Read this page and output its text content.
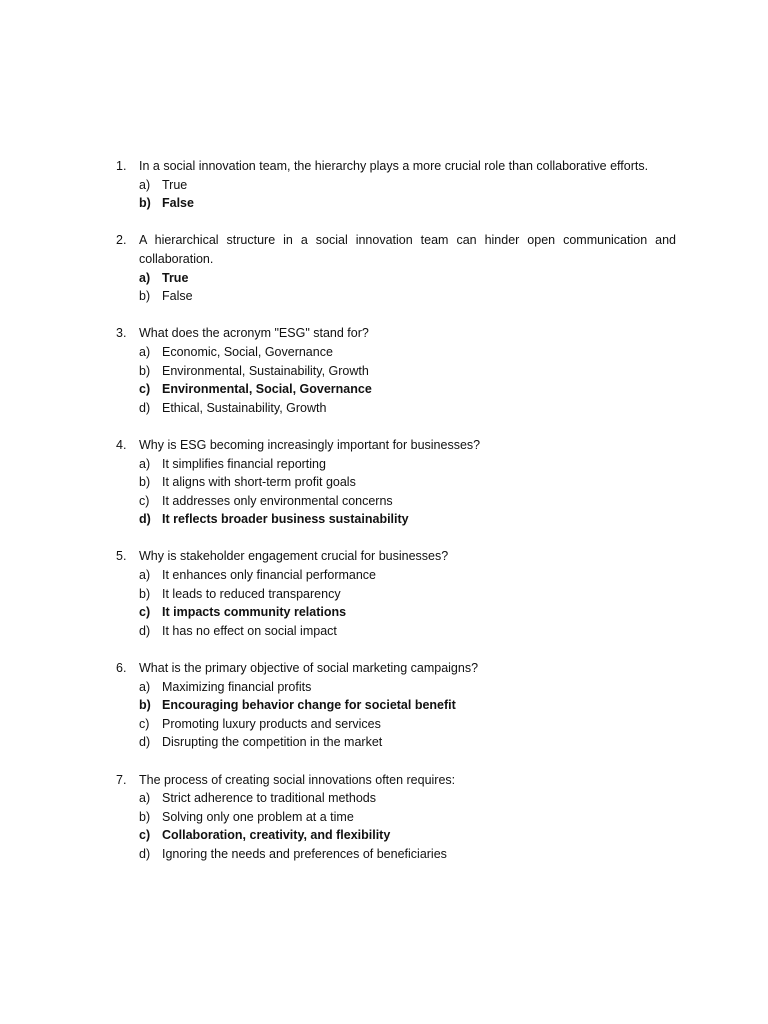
1.	In a social innovation team, the hierarchy plays a more crucial role than collaborative efforts.
a) True
b) False
2.	A hierarchical structure in a social innovation team can hinder open communication and collaboration.
a) True
b) False
3.	What does the acronym "ESG" stand for?
a) Economic, Social, Governance
b) Environmental, Sustainability, Growth
c) Environmental, Social, Governance
d) Ethical, Sustainability, Growth
4.	Why is ESG becoming increasingly important for businesses?
a) It simplifies financial reporting
b) It aligns with short-term profit goals
c)	It addresses only environmental concerns
d) It reflects broader business sustainability
5.	Why is stakeholder engagement crucial for businesses?
a) It enhances only financial performance
b) It leads to reduced transparency
c) It impacts community relations
d) It has no effect on social impact
6.	What is the primary objective of social marketing campaigns?
a) Maximizing financial profits
b) Encouraging behavior change for societal benefit
c)	Promoting luxury products and services
d) Disrupting the competition in the market
7.	The process of creating social innovations often requires:
a) Strict adherence to traditional methods
b) Solving only one problem at a time
c) Collaboration, creativity, and flexibility
d) Ignoring the needs and preferences of beneficiaries
